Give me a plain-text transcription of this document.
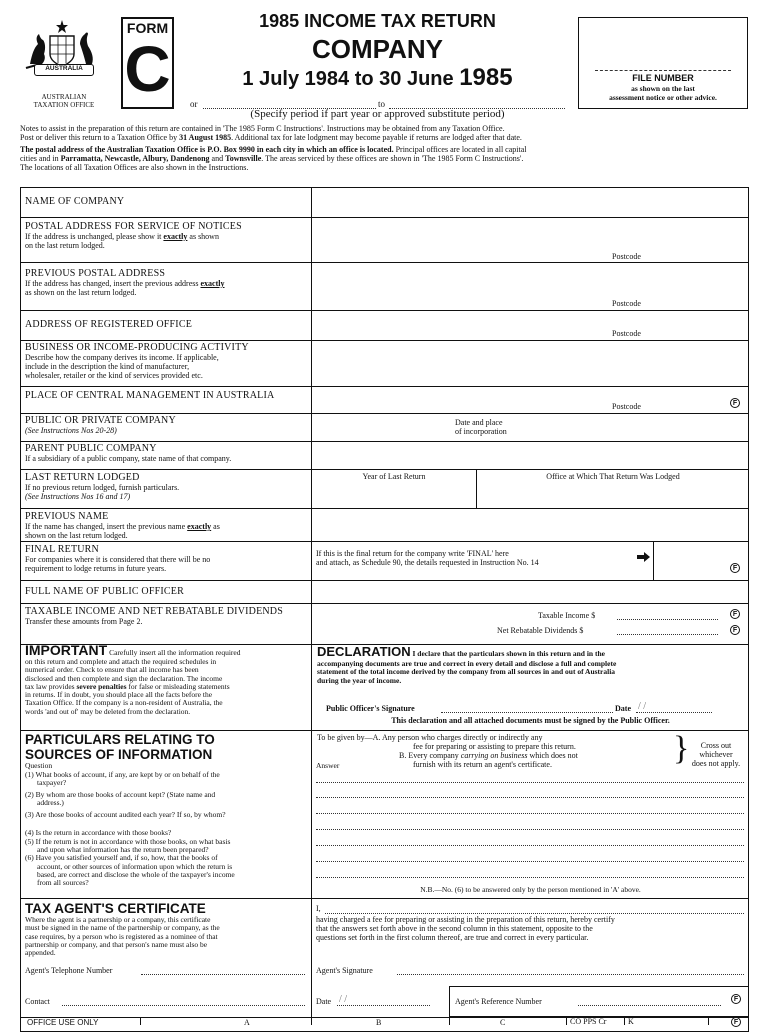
AUSTRALIA
AUSTRALIAN
TAXATION OFFICE
FORM
C
1985 INCOME TAX RETURN
COMPANY
1 July 1984 to 30 June 1985
or	to
(Specify period if part year or approved substitute period)
FILE NUMBER
as shown on the last
assessment notice or other advice.
Notes to assist in the preparation of this return are contained in 'The 1985 Form C Instructions'. Instructions may be obtained from any Taxation Office.
Post or deliver this return to a Taxation Office by 31 August 1985. Additional tax for late lodgment may become payable if returns are lodged after that date.
The postal address of the Australian Taxation Office is P.O. Box 9990 in each city in which an office is located. Principal offices are located in all capital
cities and in Parramatta, Newcastle, Albury, Dandenong and Townsville. The areas serviced by these offices are shown in 'The 1985 Form C Instructions'.
The locations of all Taxation Offices are also shown in the Instructions.
NAME OF COMPANY
POSTAL ADDRESS FOR SERVICE OF NOTICES
If the address is unchanged, please show it exactly as shown
on the last return lodged.
Postcode
PREVIOUS POSTAL ADDRESS
If the address has changed, insert the previous address exactly
as shown on the last return lodged.
Postcode
ADDRESS OF REGISTERED OFFICE
Postcode
BUSINESS OR INCOME-PRODUCING ACTIVITY
Describe how the company derives its income. If applicable,
include in the description the kind of manufacturer,
wholesaler, retailer or the kind of services provided etc.
PLACE OF CENTRAL MANAGEMENT IN AUSTRALIA
Postcode	F
PUBLIC OR PRIVATE COMPANY
(See Instructions Nos 20-28)
Date and place
of incorporation
PARENT PUBLIC COMPANY
If a subsidiary of a public company, state name of that company.
LAST RETURN LODGED
If no previous return lodged, furnish particulars.
(See Instructions Nos 16 and 17)
Year of Last Return	Office at Which That Return Was Lodged
PREVIOUS NAME
If the name has changed, insert the previous name exactly as
shown on the last return lodged.
FINAL RETURN
For companies where it is considered that there will be no
requirement to lodge returns in future years.
If this is the final return for the company write 'FINAL' here
and attach, as Schedule 90, the details requested in Instruction No. 14
F
FULL NAME OF PUBLIC OFFICER
TAXABLE INCOME AND NET REBATABLE DIVIDENDS
Transfer these amounts from Page 2.
Taxable Income $	F
Net Rebatable Dividends $	F
IMPORTANT Carefully insert all the information required
on this return and complete and attach the required schedules in
numerical order. Check to ensure that all income has been
disclosed and then complete and sign the declaration. The income
tax law provides severe penalties for false or misleading statements
in returns. If in doubt, you should place all the facts before the
Taxation Office. If the company is a non-resident of Australia, the
words 'and out of' may be deleted from the declaration.
DECLARATION I declare that the particulars shown in this return and in the
accompanying documents are true and correct in every detail and disclose a full and complete
statement of the total income derived by the company from all sources in and out of Australia
during the year of income.
Public Officer's Signature	Date
/ /
This declaration and all attached documents must be signed by the Public Officer.
PARTICULARS RELATING TO
SOURCES OF INFORMATION
Question
(1) What books of account, if any, are kept by or on behalf of the
taxpayer?
(2) By whom are those books of account kept? (State name and
address.)
(3) Are those books of account audited each year? If so, by whom?
(4) Is the return in accordance with those books?
(5) If the return is not in accordance with those books, on what basis
and upon what information has the return been prepared?
(6) Have you satisfied yourself and, if so, how, that the books of
account, or other sources of information upon which the return is
based, are correct and disclose the whole of the taxpayer's income
from all sources?
To be given by—A. Any person who charges directly or indirectly any
fee for preparing or assisting to prepare this return.
B. Every company carrying on business which does not
furnish with its return an agent's certificate.	}	Cross out whichever
does not apply.
Answer
N.B.—No. (6) to be answered only by the person mentioned in 'A' above.
TAX AGENT'S CERTIFICATE
Where the agent is a partnership or a company, this certificate
must be signed in the name of the partnership or company, as the
case requires, by a person who is registered as a nominee of that
partnership or company, and that person's name must also be
appended.
I,
having charged a fee for preparing or assisting in the preparation of this return, hereby certify
that the answers set forth above in the second column in this statement, opposite to the
questions set forth in the first column thereof, are true and correct in every particular.
Agent's Telephone Number	Agent's Signature
Contact	Date
/ /	Agent's Reference Number	F
OFFICE USE ONLY	A	B	C	CO PPS Cr	K	F
